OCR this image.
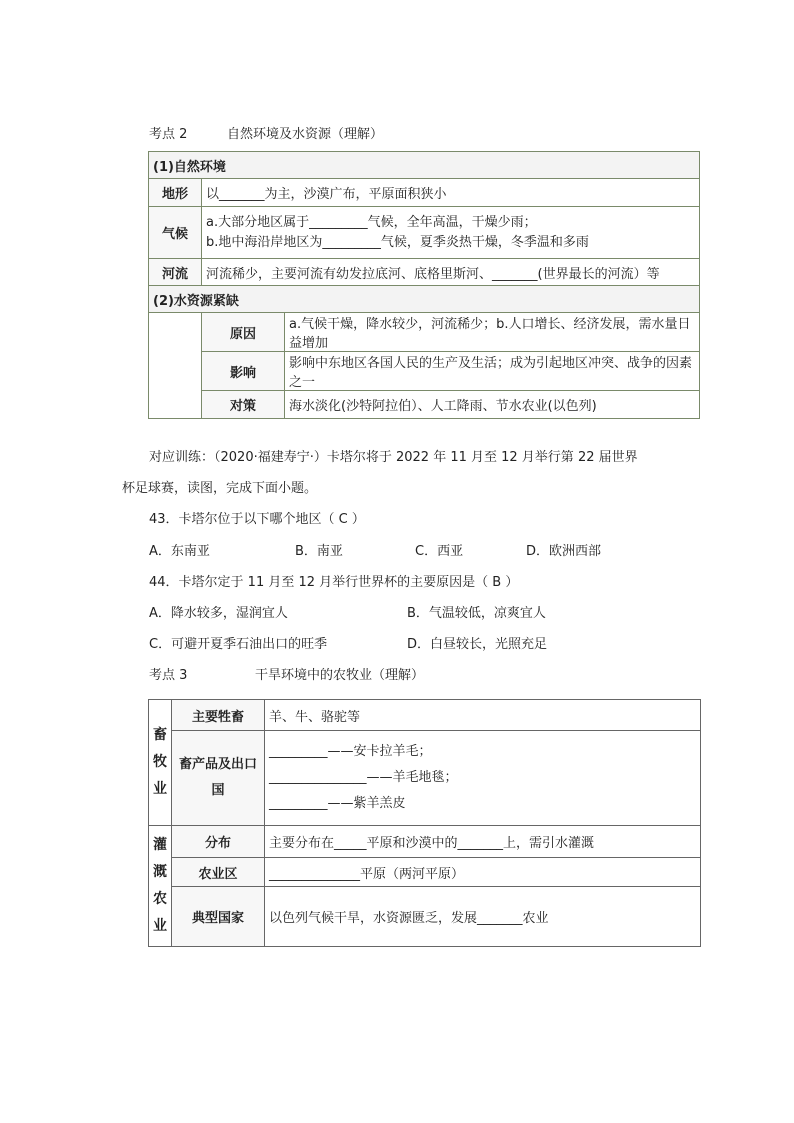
考点 2	自然环境及水资源（理解）
(1)自然环境		
地形	以_______为主，沙漠广布，平原面积狭小	
气候	a.大部分地区属于_________气候，全年高温，干燥少雨；
b.地中海沿岸地区为_________气候，夏季炎热干燥，冬季温和多雨	

河流	河流稀少，主要河流有幼发拉底河、底格里斯河、_______(世界最长的河流）等	
(2)水资源紧缺		
	原因	a.气候干燥，降水较少，河流稀少；b.人口增长、经济发展，需水量日益增加
	影响	影响中东地区各国人民的生产及生活；成为引起地区冲突、战争的因素之一
	对策	海水淡化(沙特阿拉伯）、人工降雨、节水农业(以色列)
对应训练：（2020·福建寿宁·）卡塔尔将于 2022 年 11 月至 12 月举行第 22 届世界
杯足球赛，读图，完成下面小题。
43．卡塔尔位于以下哪个地区（ C ）
A．东南亚	B．南亚	C．西亚	D．欧洲西部
44．卡塔尔定于 11 月至 12 月举行世界杯的主要原因是（ B ）
A．降水较多，湿润宜人	B．气温较低，凉爽宜人
C．可避开夏季石油出口的旺季	D．白昼较长，光照充足
考点 3	干旱环境中的农牧业（理解）
畜
牧
业	主要牲畜	羊、牛、骆驼等
	畜产品及出口国	_________——安卡拉羊毛；
_______________——羊毛地毯；
_________——紫羊羔皮

灌
溉
农
业	分布	主要分布在_____平原和沙漠中的_______上，需引水灌溉
	农业区	______________平原（两河平原）
	典型国家	以色列气候干旱，水资源匮乏，发展_______农业
